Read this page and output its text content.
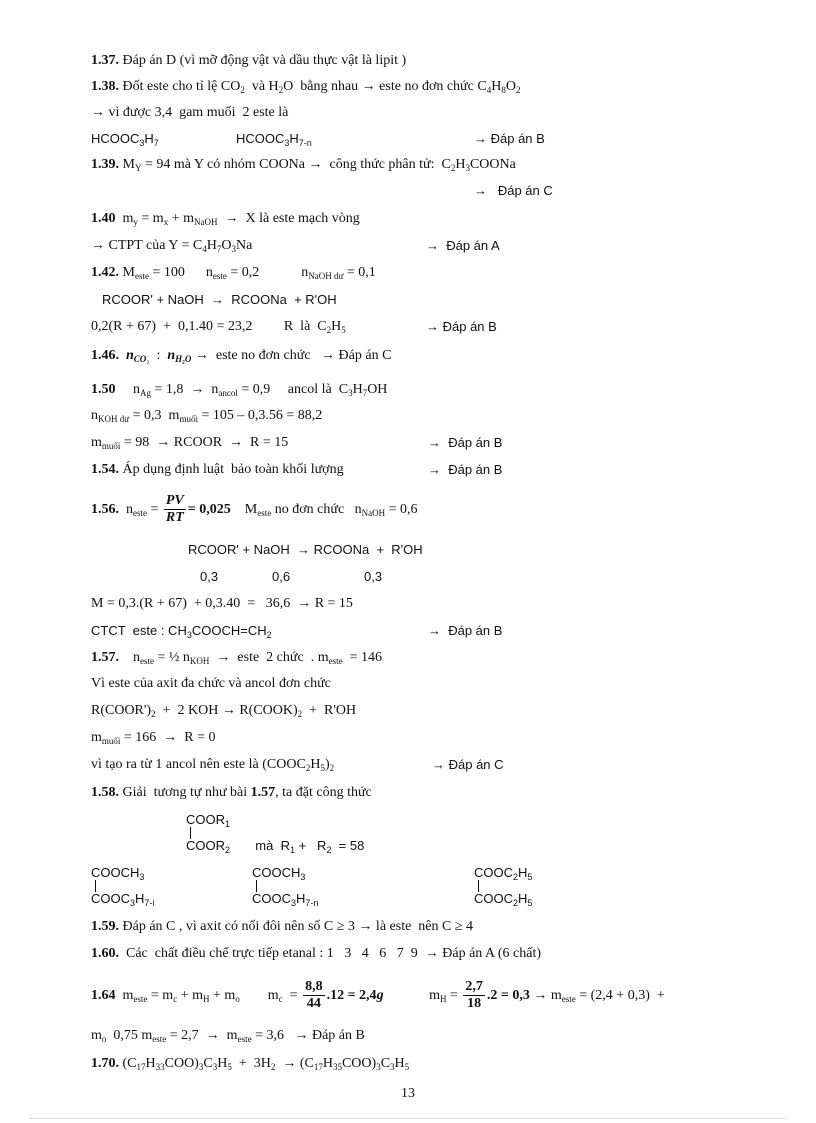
1.37. Đáp án D (vì mỡ động vật và dầu thực vật là lipit )
1.38. Đốt este cho tỉ lệ $CO_2$  và $H_2O$  bằng nhau → este no đơn chức $C_4H_8O_2$
→ vì được 3,4  gam muối  2 este là
$HCOOC_3H_7$	$HCOOC_3H_{7-n}$	→ Đáp án B
1.39. $M_Y = 94$ mà Y có nhóm COONa →  công thức phân tử:  $C_2H_3COONa$
→   Đáp án C
1.40  $m_y = m_x + m_{NaOH} \to X$ là este mạch vòng
→ CTPT của $Y = C_4H_7O_3Na$	→  Đáp án A
1.42. $M_{este} = 100$      $n_{este} = 0,2$            $n_{NaOH dư} = 0,1$
RCOOR' + NaOH  →  RCOONa  + R'OH
0,2(R + 67)  +  0,1.40 = 23,2         R  là  $C_2H_5$	→ Đáp án B
1.46. $n_{CO_2}$  :  $n_{H_2O}$ →  este no đơn chức   → Đáp án C
1.50     $n_{Ag} = 1,8 \to n_{ancol} = 0,9$     ancol là  $C_3H_7OH$
$n_{KOH dư} = 0,3$  $m_{muối} = 105 - 0,3.56 = 88,2$
$m_{muối} = 98$  → RCOOR  →  R = 15	→  Đáp án B
1.54. Áp dụng định luật  bảo toàn khối lượng	→  Đáp án B
1.56.  $n_{este} = \frac{PV}{RT} = 0,025$    $M_{este}$ no đơn chức   $n_{NaOH} = 0,6$
RCOOR' + NaOH  → RCOONa  +  R'OH
0,3	0,6	0,3
M = 0,3.(R + 67)  + 0,3.40  =   36,6  → R = 15
CTCT  este : $CH_3COOCH=CH_2$	→  Đáp án B
1.57.    $n_{este}$ = ½ $n_{KOH}$  →  este  2 chức  . $m_{este} = 146$
Vì este của axit đa chức và ancol đơn chức
$R(COOR')_2 + 2$ KOH → $R(COOK)_2 + R'OH$
$m_{muối} = 166 \to R = 0$
vì tạo ra từ 1 ancol nên este là $(COOC_2H_5)_2$	→ Đáp án C
1.58. Giải  tương tự như bài 1.57, ta đặt công thức
$COOR_1$
$COOR_2$       mà  $R_1 + R_2 = 58$
$COOCH_3$
$COOC_3H_{7-i}$
$COOCH_3$
$COOC_3H_{7-n}$
$COOC_2H_5$
$COOC_2H_5$
1.59. Đáp án C , vì axit có nối đôi nên số C ≥ 3 → là este  nên C ≥ 4
1.60.  Các  chất điều chế trực tiếp etanal : 1   3   4   6   7  9  → Đáp án A (6 chất)
1.64  $m_{este} = m_c + m_H + m_o$        $m_c = \frac{8,8}{44} .12 = 2,4g$             $m_H = \frac{2,7}{18} .2 = 0,3 \to m_{este} = (2,4 + 0,3)$  +
$m_o$  0,75 $m_{este} = 2,7 \to m_{este} = 3,6$   → Đáp án B
1.70. $(C_{17}H_{33}COO)_3C_3H_5 + 3H_2 \to (C_{17}H_{35}COO)_3C_3H_5$
13
